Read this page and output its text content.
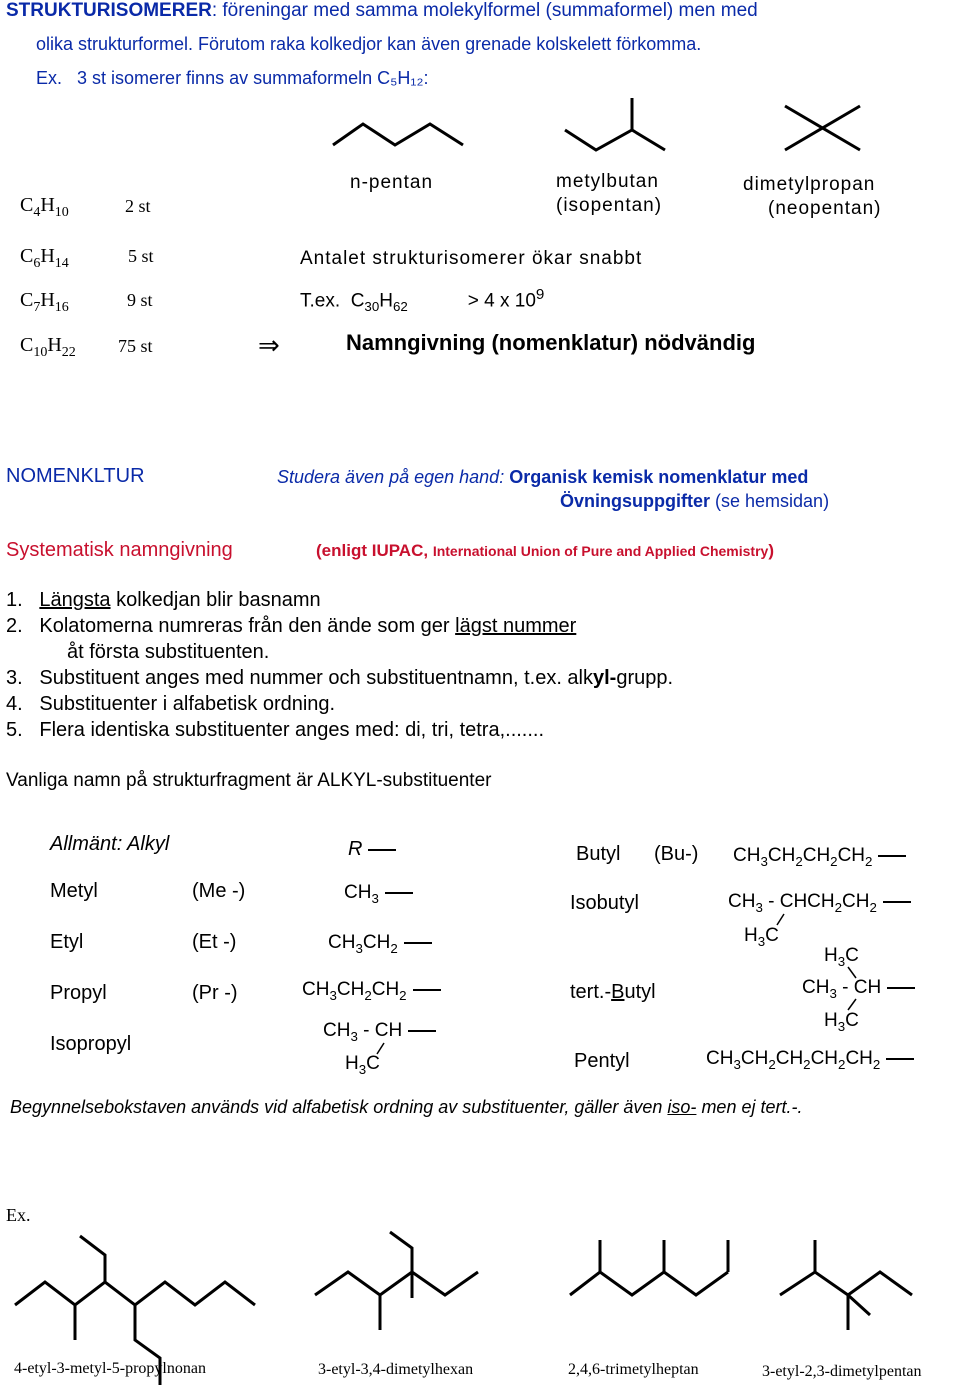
STRUKTURISOMERER: föreningar med samma molekylformel (summaformel) men med
olika strukturformel. Förutom raka kolkedjor kan även grenade kolskelett förkomma.
Ex. 3 st isomerer finns av summaformeln C₅H₁₂:
n-pentan	metylbutan
(isopentan)
dimetylpropan
(neopentan)
$C_4H_{10}$	2 st
$C_6H_{14}$	5 st
$C_7H_{16}$	9 st
$C_{10}H_{22}$ 75 st
Antalet strukturisomerer ökar snabbt
T.ex. $C_{30}H_{62}$	> 4 x $10^9$
⇒	Namngivning (nomenklatur) nödvändig
NOMENKLTUR	Studera även på egen hand: Organisk kemisk nomenklatur med
Övningsuppgifter (se hemsidan)
Systematisk namngivning	(enligt IUPAC, International Union of Pure and Applied Chemistry)
1. Längsta kolkedjan blir basnamn
2. Kolatomerna numreras från den ände som ger lägst nummer
åt första substituenten.
3. Substituent anges med nummer och substituentnamn, t.ex. alkyl-grupp.
4. Substituenter i alfabetisk ordning.
5. Flera identiska substituenter anges med: di, tri, tetra,.......
Vanliga namn på strukturfragment är ALKYL-substituenter
Allmänt: Alkyl	R
Metyl	(Me -)	$CH_3$
Etyl	(Et -)	$CH_3CH_2$
Propyl	(Pr -)	$CH_3CH_2CH_2$
Isopropyl
$CH_3$ - CH
$H_3C$
Butyl (Bu-) $CH_3CH_2CH_2CH_2$
Isobutyl	$CH_3$ - $CHCH_2CH_2$
$H_3C$
tert.-Butyl
$H_3C$
$CH_3$ - CH
$H_3C$
Pentyl	$CH_3CH_2CH_2CH_2CH_2$
Begynnelsebokstaven används vid alfabetisk ordning av substituenter, gäller även iso- men ej tert.-.
Ex.
4-etyl-3-metyl-5-propylnonan	3-etyl-3,4-dimetylhexan	2,4,6-trimetylheptan	3-etyl-2,3-dimetylpentan
